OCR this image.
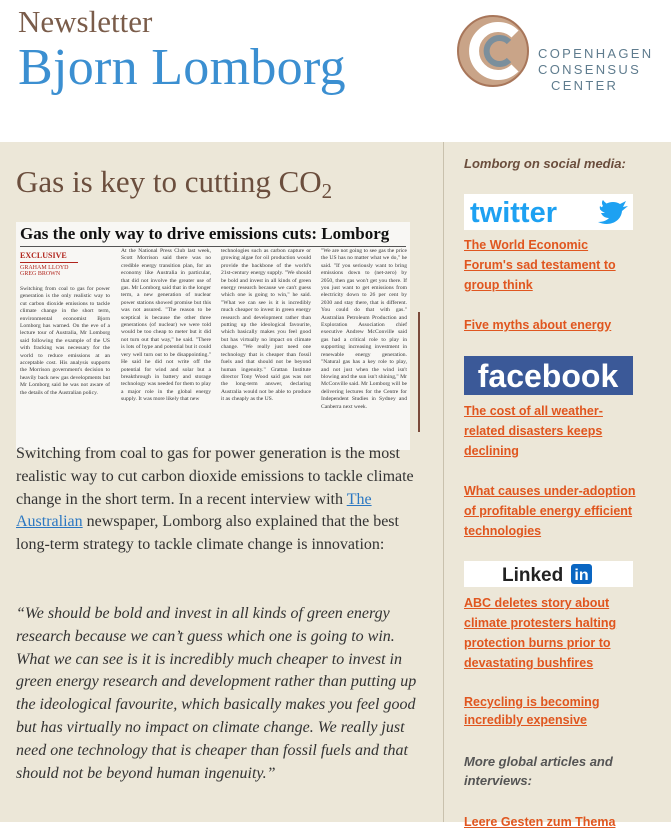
Newsletter
Bjorn Lomborg	COPENHAGEN
CONSENSUS
CENTER
Gas is key to cutting $CO_2$
Gas the only way to drive emissions cuts: Lomborg
EXCLUSIVE
GRAHAM LLOYD
GREG BROWN
Switching from coal to gas for power generation is the only realistic way to cut carbon dioxide emissions to tackle climate change in the short term, environmental economist Bjorn Lomborg has warned. On the eve of a lecture tour of Australia, Mr Lomborg said following the example of the US with fracking was necessary for the world to reduce emissions at an acceptable cost. His analysis supports the Morrison government's decision to heavily back new gas developments but Mr Lomborg said he was not aware of the details of the Australian policy.
At the National Press Club last week, Scott Morrison said there was no credible energy transition plan, for an economy like Australia in particular, that did not involve the greater use of gas. Mr Lomborg said that in the longer term, a new generation of nuclear power stations showed promise but this was not assured. "The reason to be sceptical is because the other three generations (of nuclear) we were told would be too cheap to meter but it did not turn out that way," he said. "There is lots of hype and potential but it could very well turn out to be disappointing." He said he did not write off the potential for wind and solar but a breakthrough in battery and storage technology was needed for them to play a major role in the global energy supply. It was more likely that new
technologies such as carbon capture or growing algae for oil production would provide the backbone of the world's 21st-century energy supply. "We should be bold and invest in all kinds of green energy research because we can't guess which one is going to win," he said. "What we can see is it is incredibly much cheaper to invest in green energy research and development rather than putting up the ideological favourite, which basically makes you feel good but has virtually no impact on climate change. "We really just need one technology that is cheaper than fossil fuels and that should not be beyond human ingenuity." Grattan Institute director Tony Wood said gas was not the long-term answer, declaring Australia would not be able to produce it as cheaply as the US.
"We are not going to see gas the price the US has no matter what we do," he said. "If you seriously want to bring emissions down to (net-zero) by 2050, then gas won't get you there. If you just want to get emissions from electricity down to 26 per cent by 2030 and stay there, that is different. You could do that with gas." Australian Petroleum Production and Exploration Association chief executive Andrew McConville said gas had a critical role to play in supporting increasing investment in renewable energy generation. "Natural gas has a key role to play, and not just when the wind isn't blowing and the sun isn't shining," Mr McConville said. Mr Lomborg will be delivering lectures for the Centre for Independent Studies in Sydney and Canberra next week.

Switching from coal to gas for power generation is the most realistic way to cut carbon dioxide emissions to tackle climate change in the short term. In a recent interview with The Australian newspaper, Lomborg also explained that the best long-term strategy to tackle climate change is innovation:

“We should be bold and invest in all kinds of green energy research because we can’t guess which one is going to win. What we can see is it is incredibly much cheaper to invest in green energy research and development rather than putting up the ideological favourite, which basically makes you feel good but has virtually no impact on climate change. We really just need one technology that is cheaper than fossil fuels and that should not be beyond human ingenuity.”

Lomborg on social media:
twitter
The World Economic Forum's sad testament to group think
Five myths about energy
facebook
The cost of all weather-related disasters keeps declining
What causes under-adoption of profitable energy efficient technologies
Linked in
ABC deletes story about climate protesters halting protection burns prior to devastating bushfires
Recycling is becoming incredibly expensive
More global articles and interviews:
Leere Gesten zum Thema
